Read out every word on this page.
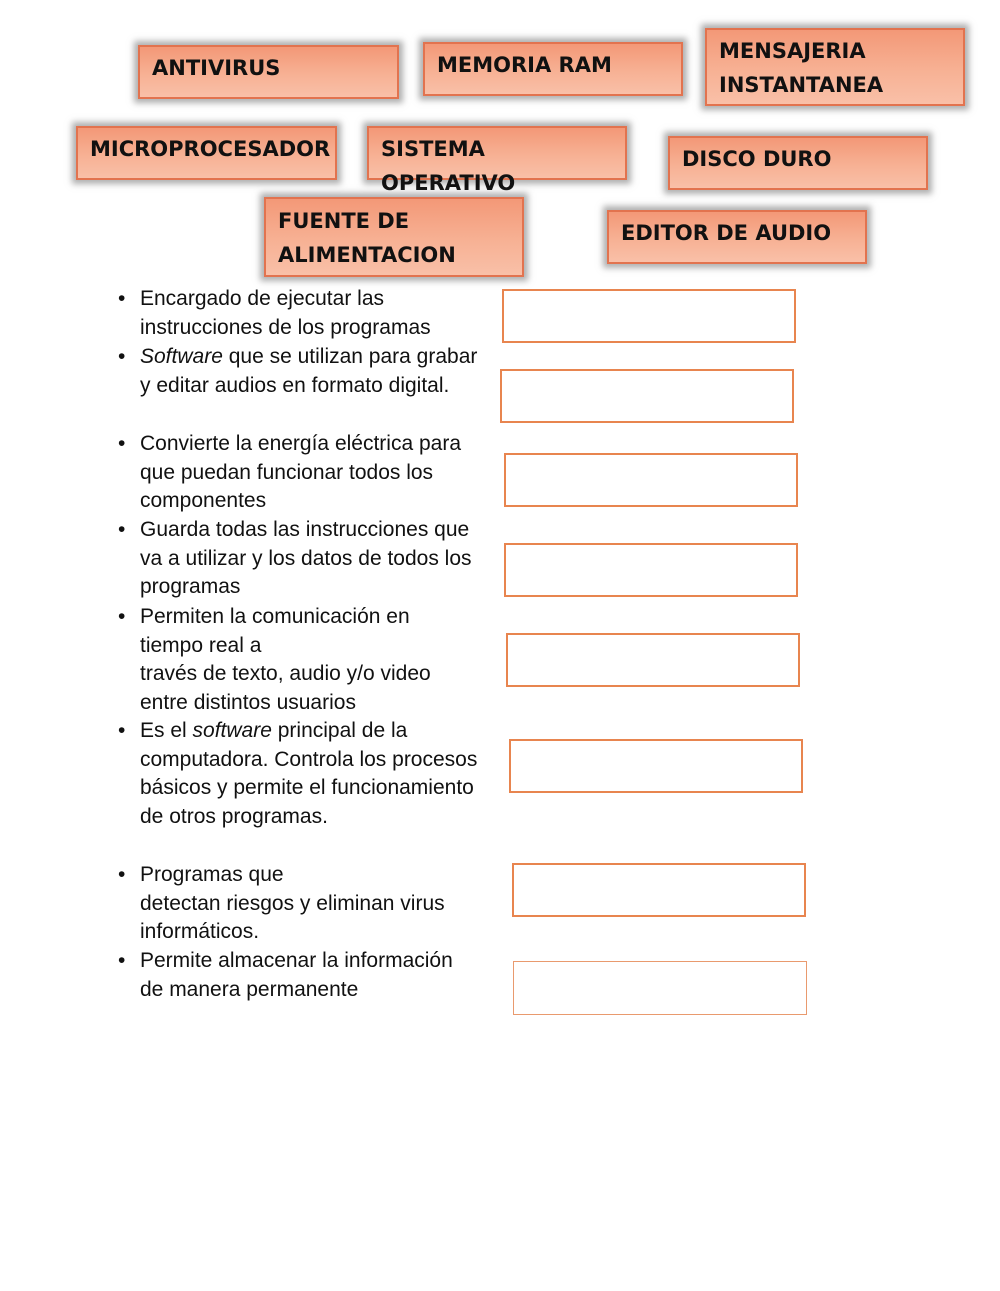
ANTIVIRUS	MEMORIA RAM
MENSAJERIA
INSTANTANEA
MICROPROCESADOR SISTEMA OPERATIVO
DISCO DURO
FUENTE DE
ALIMENTACION
EDITOR DE AUDIO
• Encargado de ejecutar las instrucciones de los programas
• Software que se utilizan para grabar y editar audios en formato digital.
• Convierte la energía eléctrica para que puedan funcionar todos los componentes
• Guarda todas las instrucciones que va a utilizar y los datos de todos los programas
• Permiten la comunicación en tiempo real a
través de texto, audio y/o video entre distintos usuarios
• Es el software principal de la computadora. Controla los procesos básicos y permite el funcionamiento de otros programas.
• Programas que
detectan riesgos y eliminan virus informáticos.
• Permite almacenar la información de manera permanente
